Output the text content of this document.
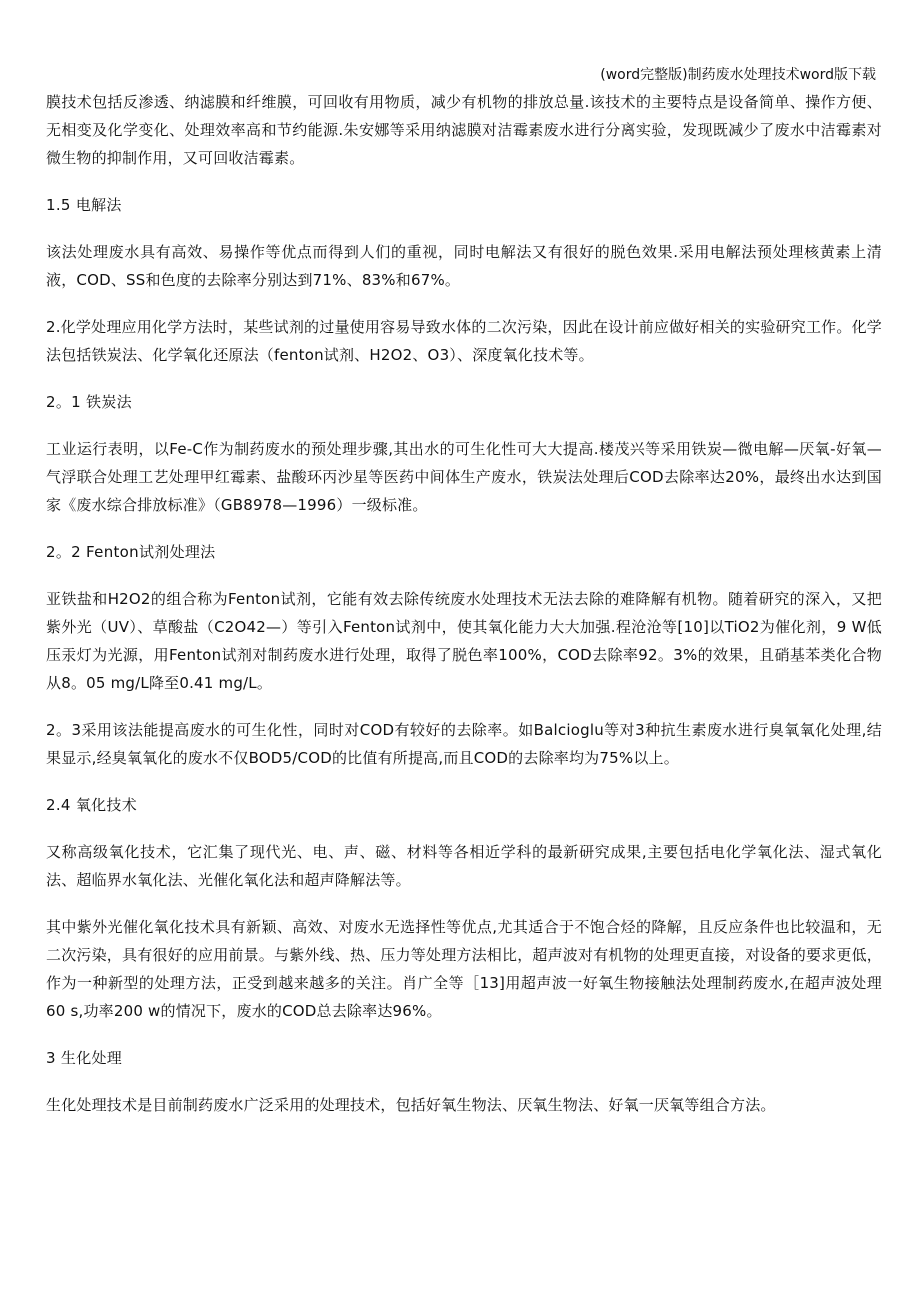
(word完整版)制药废水处理技术word版下载

膜技术包括反渗透、纳滤膜和纤维膜，可回收有用物质，减少有机物的排放总量.该技术的主要特点是设备简单、操作方便、无相变及化学变化、处理效率高和节约能源.朱安娜等采用纳滤膜对洁霉素废水进行分离实验，发现既减少了废水中洁霉素对微生物的抑制作用，又可回收洁霉素。

1.5 电解法

该法处理废水具有高效、易操作等优点而得到人们的重视，同时电解法又有很好的脱色效果.采用电解法预处理核黄素上清液，COD、SS和色度的去除率分别达到71%、83%和67%。

2.化学处理应用化学方法时，某些试剂的过量使用容易导致水体的二次污染，因此在设计前应做好相关的实验研究工作。化学法包括铁炭法、化学氧化还原法（fenton试剂、H2O2、O3）、深度氧化技术等。

2。1 铁炭法

工业运行表明，以Fe-C作为制药废水的预处理步骤,其出水的可生化性可大大提高.楼茂兴等采用铁炭—微电解—厌氧-好氧—气浮联合处理工艺处理甲红霉素、盐酸环丙沙星等医药中间体生产废水，铁炭法处理后COD去除率达20%，最终出水达到国家《废水综合排放标准》（GB8978—1996）一级标准。

2。2 Fenton试剂处理法

亚铁盐和H2O2的组合称为Fenton试剂，它能有效去除传统废水处理技术无法去除的难降解有机物。随着研究的深入，又把紫外光（UV）、草酸盐（C2O42—）等引入Fenton试剂中，使其氧化能力大大加强.程沧沧等[10]以TiO2为催化剂，9 W低压汞灯为光源，用Fenton试剂对制药废水进行处理，取得了脱色率100%，COD去除率92。3%的效果，且硝基苯类化合物从8。05 mg/L降至0.41 mg/L。

2。3采用该法能提高废水的可生化性，同时对COD有较好的去除率。如Balcioglu等对3种抗生素废水进行臭氧氧化处理,结果显示,经臭氧氧化的废水不仅BOD5/COD的比值有所提高,而且COD的去除率均为75%以上。

2.4 氧化技术

又称高级氧化技术，它汇集了现代光、电、声、磁、材料等各相近学科的最新研究成果,主要包括电化学氧化法、湿式氧化法、超临界水氧化法、光催化氧化法和超声降解法等。

其中紫外光催化氧化技术具有新颖、高效、对废水无选择性等优点,尤其适合于不饱合烃的降解，且反应条件也比较温和，无二次污染，具有很好的应用前景。与紫外线、热、压力等处理方法相比，超声波对有机物的处理更直接，对设备的要求更低，作为一种新型的处理方法，正受到越来越多的关注。肖广全等［13]用超声波一好氧生物接触法处理制药废水,在超声波处理60 s,功率200 w的情况下，废水的COD总去除率达96%。

3 生化处理

生化处理技术是目前制药废水广泛采用的处理技术，包括好氧生物法、厌氧生物法、好氧一厌氧等组合方法。
